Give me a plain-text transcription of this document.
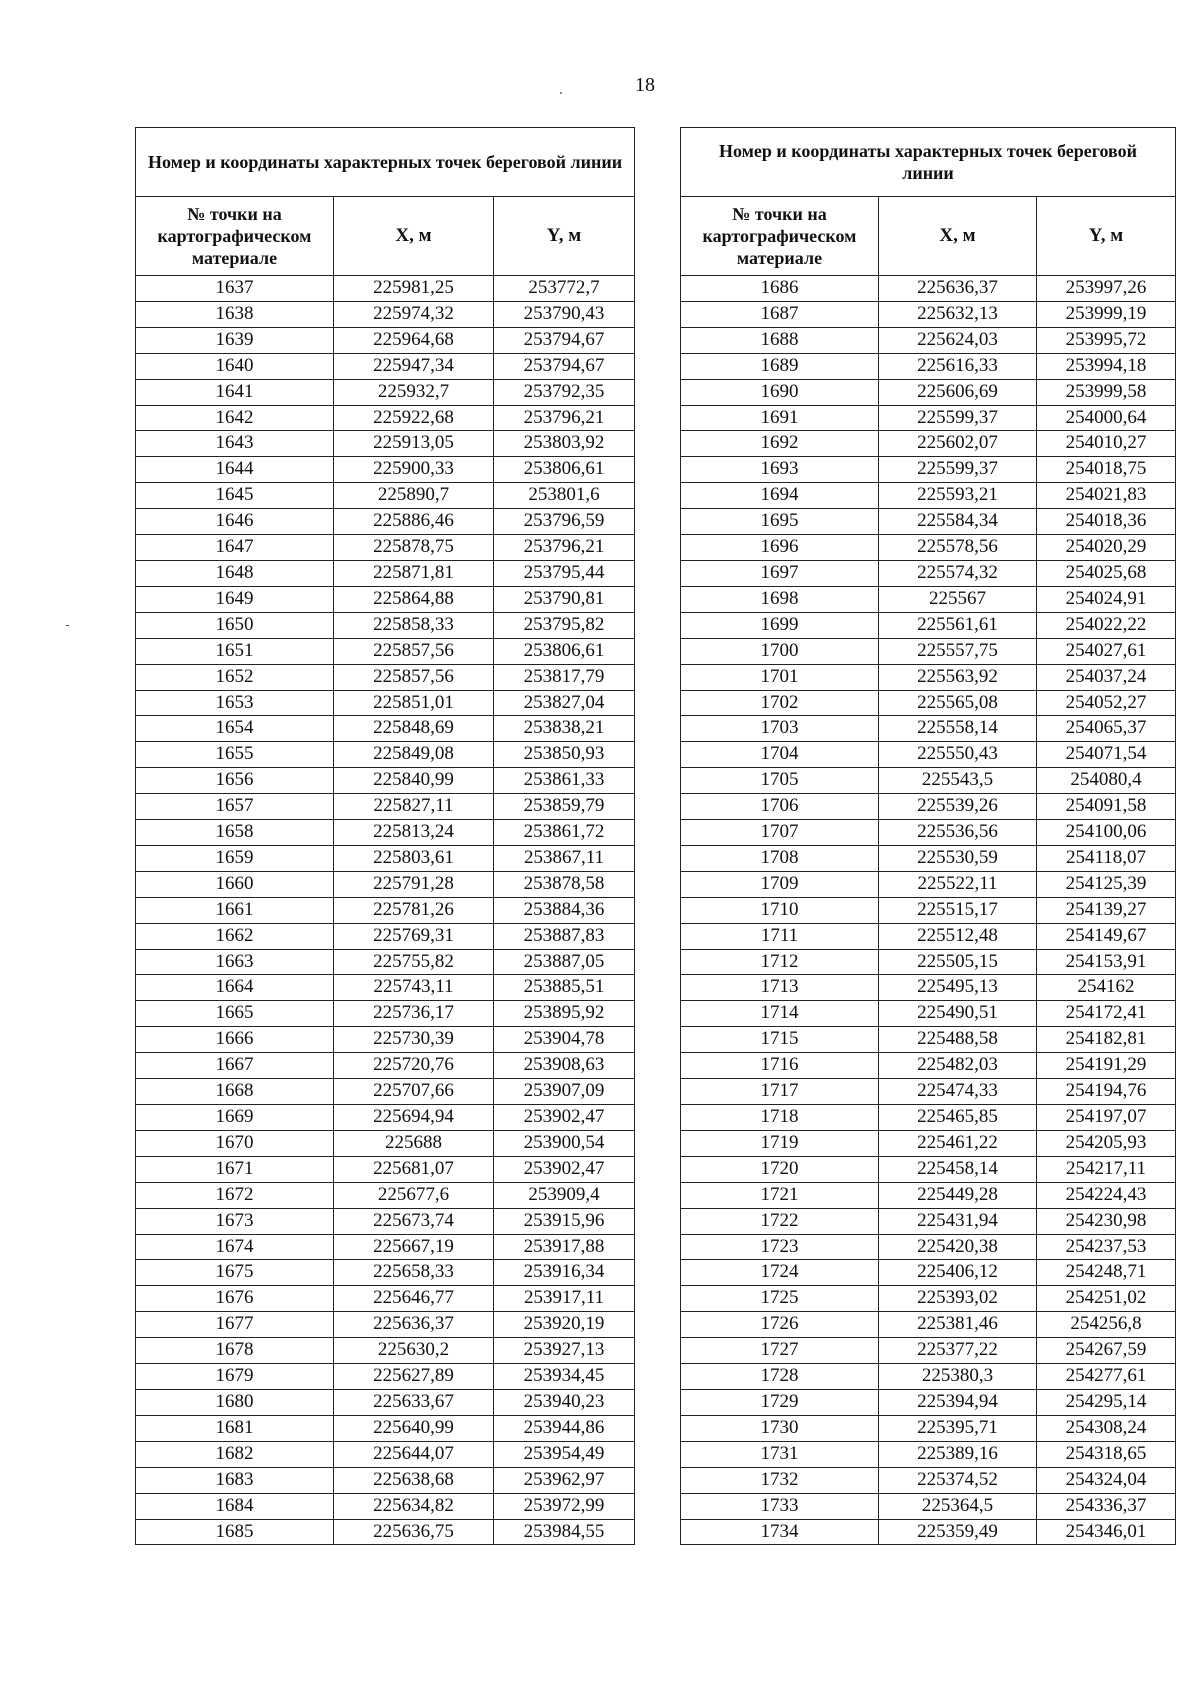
18
Номер и координаты характерных точек береговой линии		
№ точки на картографическом материале	X, м	Y, м
1637	225981,25	253772,7
1638	225974,32	253790,43
1639	225964,68	253794,67
1640	225947,34	253794,67
1641	225932,7	253792,35
1642	225922,68	253796,21
1643	225913,05	253803,92
1644	225900,33	253806,61
1645	225890,7	253801,6
1646	225886,46	253796,59
1647	225878,75	253796,21
1648	225871,81	253795,44
1649	225864,88	253790,81
1650	225858,33	253795,82
1651	225857,56	253806,61
1652	225857,56	253817,79
1653	225851,01	253827,04
1654	225848,69	253838,21
1655	225849,08	253850,93
1656	225840,99	253861,33
1657	225827,11	253859,79
1658	225813,24	253861,72
1659	225803,61	253867,11
1660	225791,28	253878,58
1661	225781,26	253884,36
1662	225769,31	253887,83
1663	225755,82	253887,05
1664	225743,11	253885,51
1665	225736,17	253895,92
1666	225730,39	253904,78
1667	225720,76	253908,63
1668	225707,66	253907,09
1669	225694,94	253902,47
1670	225688	253900,54
1671	225681,07	253902,47
1672	225677,6	253909,4
1673	225673,74	253915,96
1674	225667,19	253917,88
1675	225658,33	253916,34
1676	225646,77	253917,11
1677	225636,37	253920,19
1678	225630,2	253927,13
1679	225627,89	253934,45
1680	225633,67	253940,23
1681	225640,99	253944,86
1682	225644,07	253954,49
1683	225638,68	253962,97
1684	225634,82	253972,99
1685	225636,75	253984,55
Номер и координаты характерных точек береговой линии		
№ точки на картографическом материале	X, м	Y, м
1686	225636,37	253997,26
1687	225632,13	253999,19
1688	225624,03	253995,72
1689	225616,33	253994,18
1690	225606,69	253999,58
1691	225599,37	254000,64
1692	225602,07	254010,27
1693	225599,37	254018,75
1694	225593,21	254021,83
1695	225584,34	254018,36
1696	225578,56	254020,29
1697	225574,32	254025,68
1698	225567	254024,91
1699	225561,61	254022,22
1700	225557,75	254027,61
1701	225563,92	254037,24
1702	225565,08	254052,27
1703	225558,14	254065,37
1704	225550,43	254071,54
1705	225543,5	254080,4
1706	225539,26	254091,58
1707	225536,56	254100,06
1708	225530,59	254118,07
1709	225522,11	254125,39
1710	225515,17	254139,27
1711	225512,48	254149,67
1712	225505,15	254153,91
1713	225495,13	254162
1714	225490,51	254172,41
1715	225488,58	254182,81
1716	225482,03	254191,29
1717	225474,33	254194,76
1718	225465,85	254197,07
1719	225461,22	254205,93
1720	225458,14	254217,11
1721	225449,28	254224,43
1722	225431,94	254230,98
1723	225420,38	254237,53
1724	225406,12	254248,71
1725	225393,02	254251,02
1726	225381,46	254256,8
1727	225377,22	254267,59
1728	225380,3	254277,61
1729	225394,94	254295,14
1730	225395,71	254308,24
1731	225389,16	254318,65
1732	225374,52	254324,04
1733	225364,5	254336,37
1734	225359,49	254346,01
